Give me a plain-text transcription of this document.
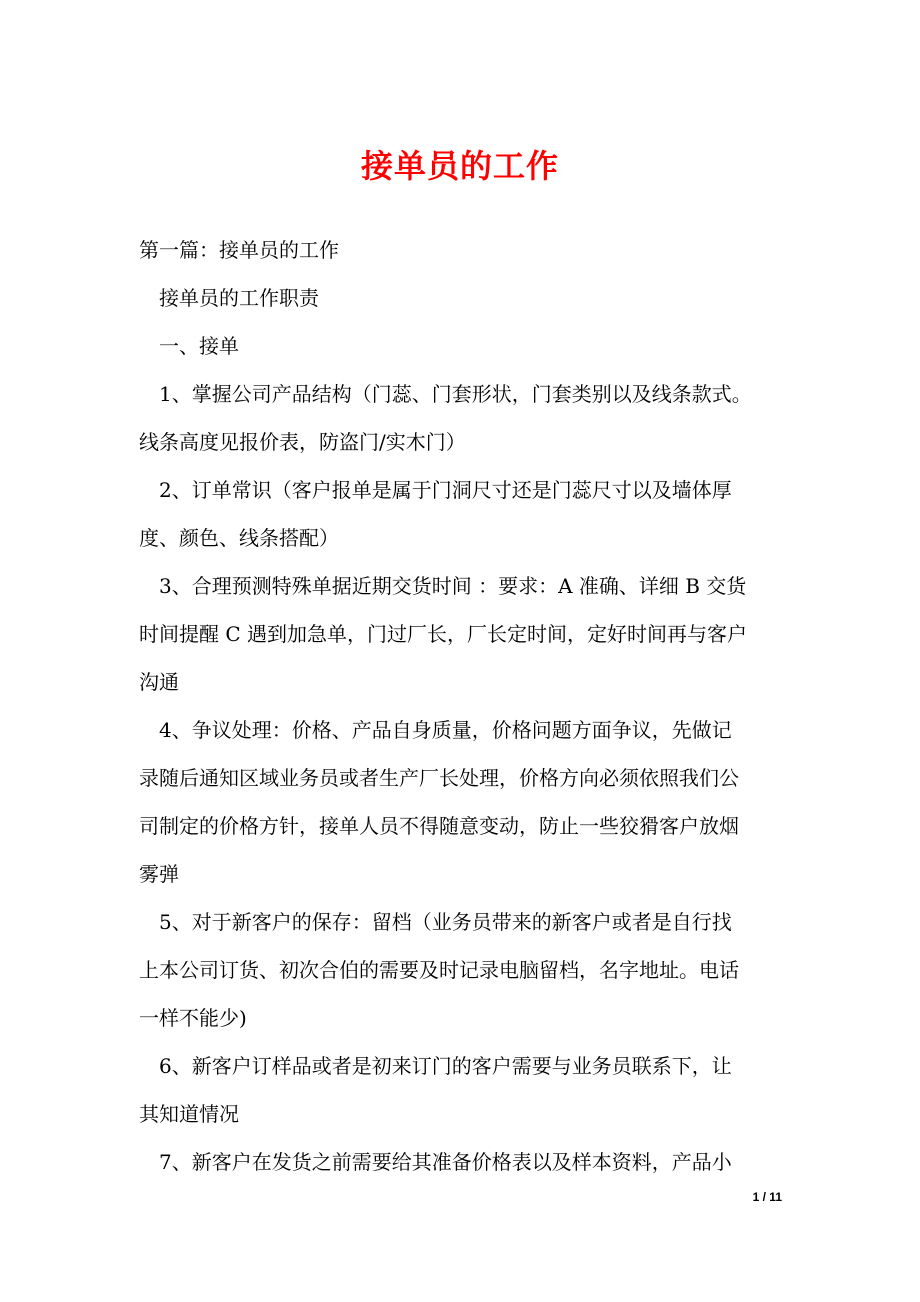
接单员的工作
第一篇：接单员的工作
　接单员的工作职责
　一、接单
　1、掌握公司产品结构（门蕊、门套形状，门套类别以及线条款式。
线条高度见报价表，防盗门/实木门）
　2、订单常识（客户报单是属于门洞尺寸还是门蕊尺寸以及墙体厚
度、颜色、线条搭配）
　3、合理预测特殊单据近期交货时间 ：要求：A 准确、详细 B 交货
时间提醒 C 遇到加急单，门过厂长，厂长定时间，定好时间再与客户
沟通
　4、争议处理：价格、产品自身质量，价格问题方面争议，先做记
录随后通知区域业务员或者生产厂长处理，价格方向必须依照我们公
司制定的价格方针，接单人员不得随意变动，防止一些狡猾客户放烟
雾弹
　5、对于新客户的保存：留档（业务员带来的新客户或者是自行找
上本公司订货、初次合伯的需要及时记录电脑留档，名字地址。电话
一样不能少)
　6、新客户订样品或者是初来订门的客户需要与业务员联系下，让
其知道情况
　7、新客户在发货之前需要给其准备价格表以及样本资料，产品小
1 / 11
